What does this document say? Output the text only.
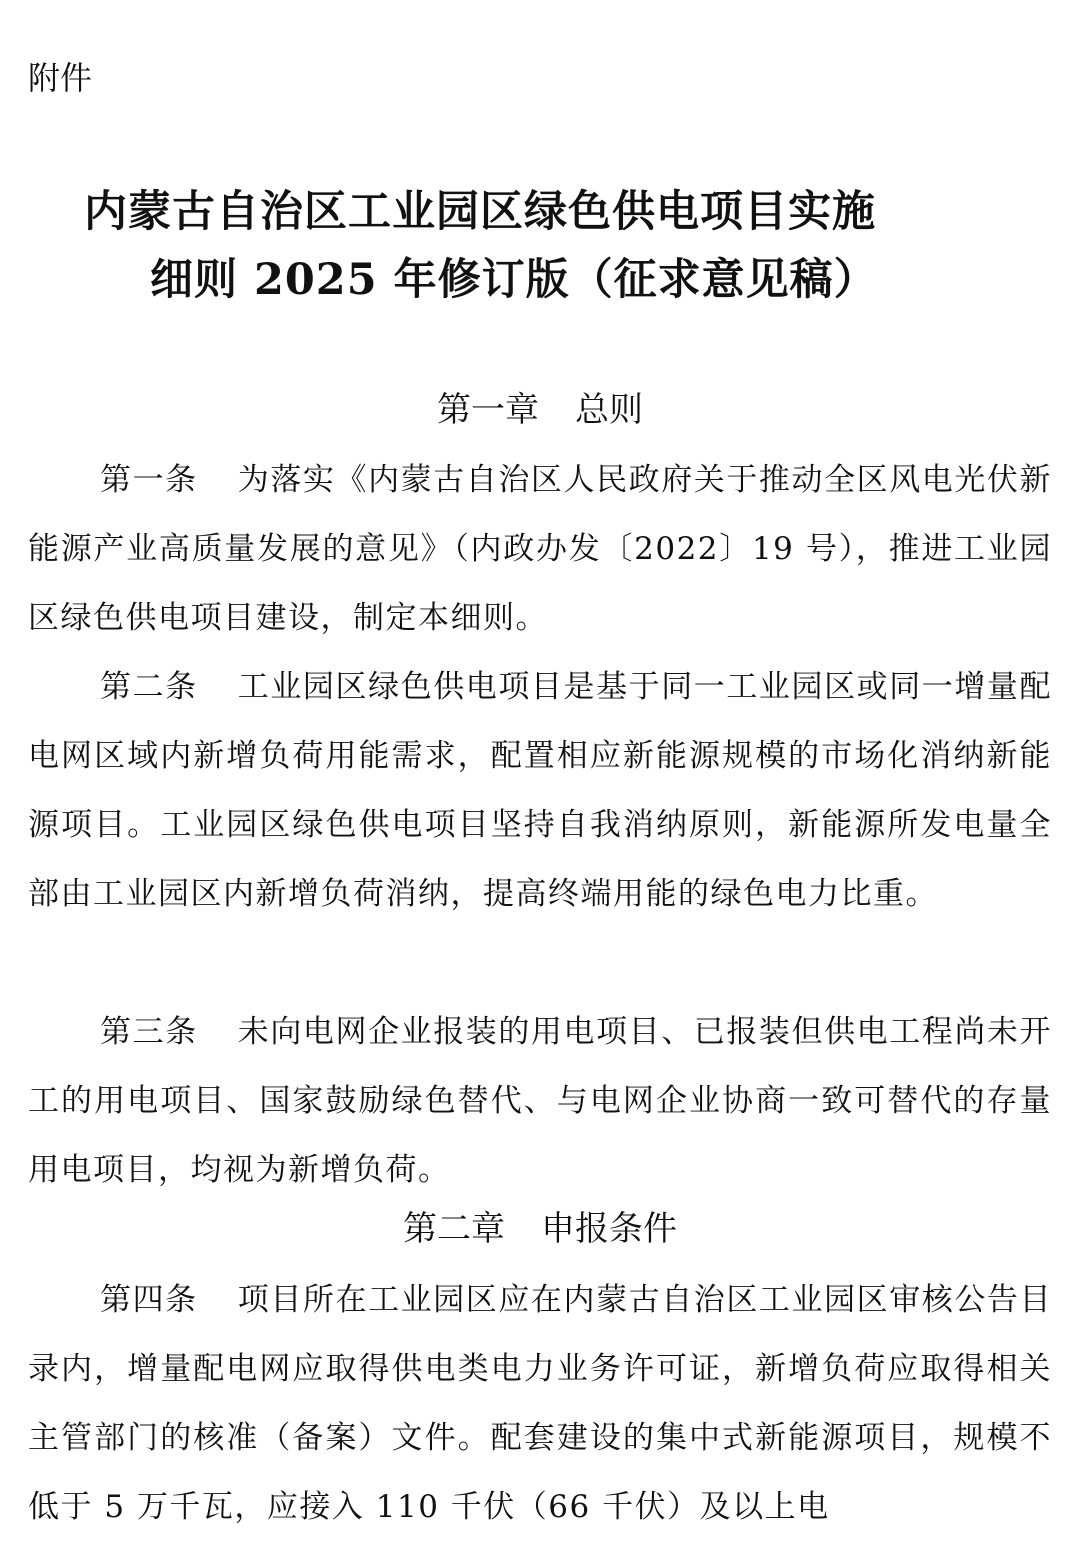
附件

内蒙古自治区工业园区绿色供电项目实施
细则 2025 年修订版（征求意见稿）
第一章 总则

第一条 为落实《内蒙古自治区人民政府关于推动全区风电光伏新能源产业高质量发展的意见》（内政办发〔2022〕19 号），推进工业园区绿色供电项目建设，制定本细则。

第二条 工业园区绿色供电项目是基于同一工业园区或同一增量配电网区域内新增负荷用能需求，配置相应新能源规模的市场化消纳新能源项目。工业园区绿色供电项目坚持自我消纳原则，新能源所发电量全部由工业园区内新增负荷消纳，提高终端用能的绿色电力比重。

第三条 未向电网企业报装的用电项目、已报装但供电工程尚未开工的用电项目、国家鼓励绿色替代、与电网企业协商一致可替代的存量用电项目，均视为新增负荷。

第二章 申报条件

第四条 项目所在工业园区应在内蒙古自治区工业园区审核公告目录内，增量配电网应取得供电类电力业务许可证，新增负荷应取得相关主管部门的核准（备案）文件。配套建设的集中式新能源项目，规模不低于 5 万千瓦，应接入 110 千伏（66 千伏）及以上电
